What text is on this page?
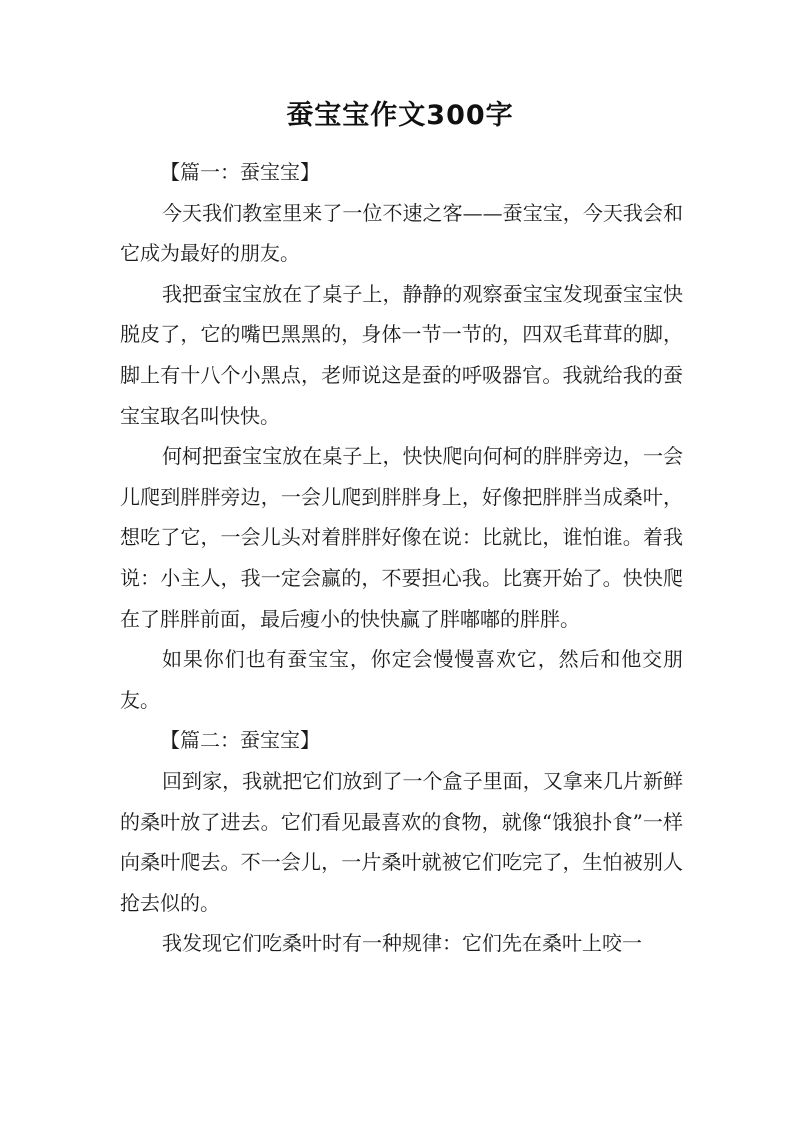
蚕宝宝作文300字

【篇一：蚕宝宝】

今天我们教室里来了一位不速之客——蚕宝宝，今天我会和它成为最好的朋友。

我把蚕宝宝放在了桌子上，静静的观察蚕宝宝发现蚕宝宝快脱皮了，它的嘴巴黑黑的，身体一节一节的，四双毛茸茸的脚，脚上有十八个小黑点，老师说这是蚕的呼吸器官。我就给我的蚕宝宝取名叫快快。

何柯把蚕宝宝放在桌子上，快快爬向何柯的胖胖旁边，一会儿爬到胖胖旁边，一会儿爬到胖胖身上，好像把胖胖当成桑叶，想吃了它，一会儿头对着胖胖好像在说：比就比，谁怕谁。着我说：小主人，我一定会赢的，不要担心我。比赛开始了。快快爬在了胖胖前面，最后瘦小的快快赢了胖嘟嘟的胖胖。

如果你们也有蚕宝宝，你定会慢慢喜欢它，然后和他交朋友。

【篇二：蚕宝宝】

回到家，我就把它们放到了一个盒子里面，又拿来几片新鲜的桑叶放了进去。它们看见最喜欢的食物，就像“饿狼扑食”一样向桑叶爬去。不一会儿，一片桑叶就被它们吃完了，生怕被别人抢去似的。

我发现它们吃桑叶时有一种规律：它们先在桑叶上咬一
